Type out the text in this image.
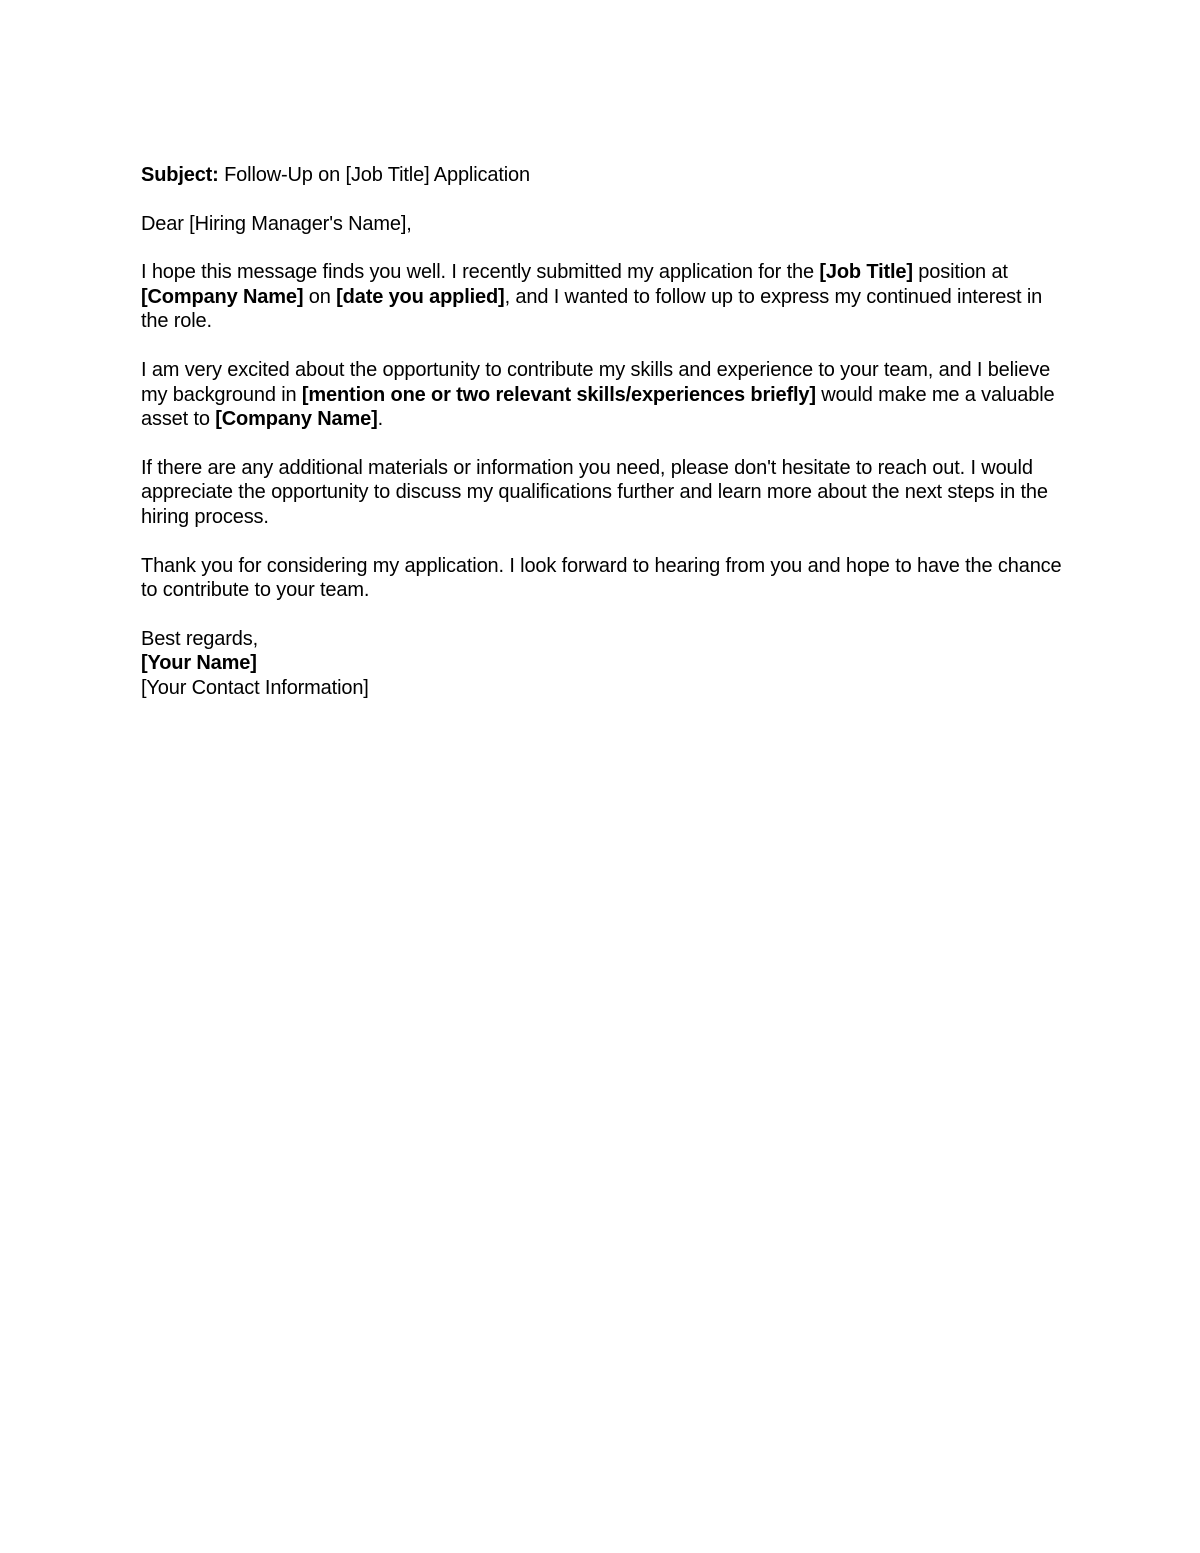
Subject: Follow-Up on [Job Title] Application

Dear [Hiring Manager's Name],

I hope this message finds you well. I recently submitted my application for the [Job Title] position at [Company Name] on [date you applied], and I wanted to follow up to express my continued interest in the role.

I am very excited about the opportunity to contribute my skills and experience to your team, and I believe my background in [mention one or two relevant skills/experiences briefly] would make me a valuable asset to [Company Name].

If there are any additional materials or information you need, please don't hesitate to reach out. I would appreciate the opportunity to discuss my qualifications further and learn more about the next steps in the hiring process.

Thank you for considering my application. I look forward to hearing from you and hope to have the chance to contribute to your team.

Best regards,

[Your Name]

[Your Contact Information]
